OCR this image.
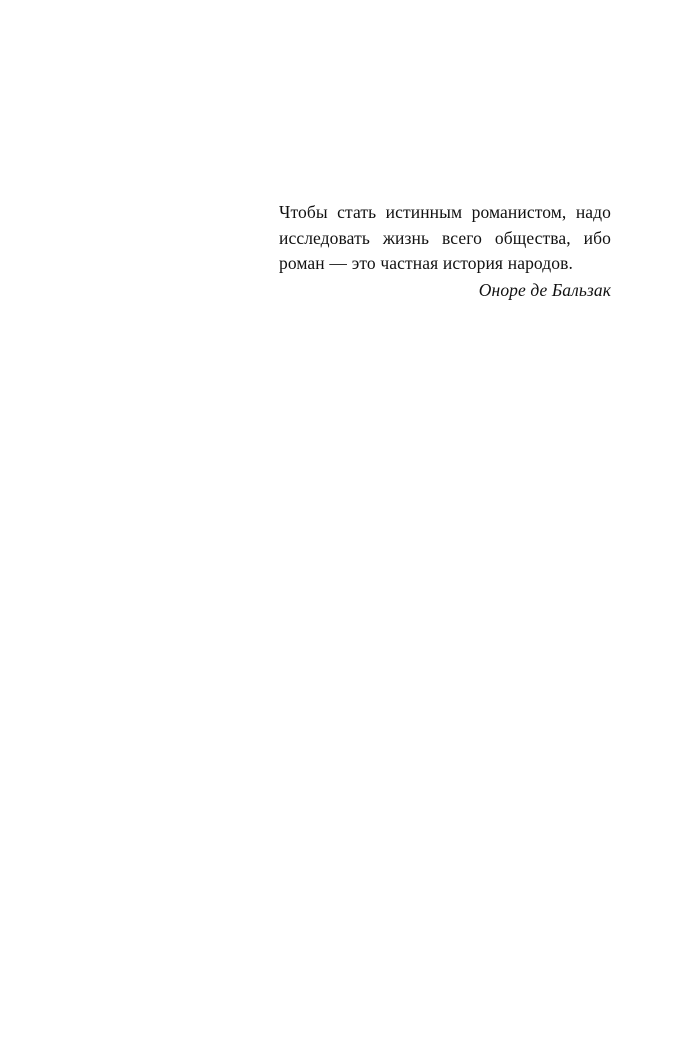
Чтобы стать истинным романистом, надо исследовать жизнь всего общества, ибо роман — это частная история народов.

Оноре де Бальзак
